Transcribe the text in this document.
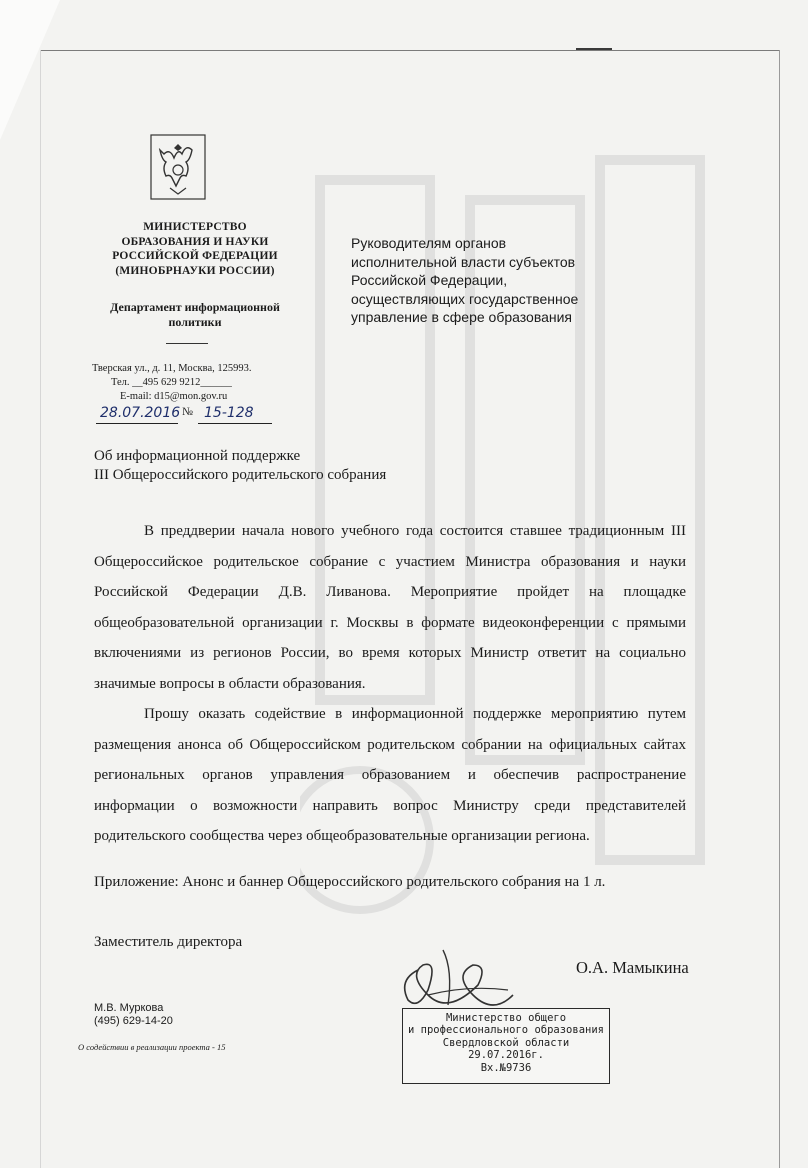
МИНИСТЕРСТВО
ОБРАЗОВАНИЯ И НАУКИ
РОССИЙСКОЙ ФЕДЕРАЦИИ
(МИНОБРНАУКИ РОССИИ)
Департамент информационной
политики
Тверская ул., д. 11, Москва, 125993.
Тел. __495 629 9212______
E-mail: d15@mon.gov.ru
28.07.2016 № 15-128
Руководителям органов
исполнительной власти субъектов
Российской Федерации,
осуществляющих государственное
управление в сфере образования
Об информационной поддержке
III Общероссийского родительского собрания

В преддверии начала нового учебного года состоится ставшее традиционным III Общероссийское родительское собрание с участием Министра образования и науки Российской Федерации Д.В. Ливанова. Мероприятие пройдет на площадке общеобразовательной организации г. Москвы в формате видеоконференции с прямыми включениями из регионов России, во время которых Министр ответит на социально значимые вопросы в области образования.

Прошу оказать содействие в информационной поддержке мероприятию путем размещения анонса об Общероссийском родительском собрании на официальных сайтах региональных органов управления образованием и обеспечив распространение информации о возможности направить вопрос Министру среди представителей родительского сообщества через общеобразовательные организации региона.

Приложение: Анонс и баннер Общероссийского родительского собрания на 1 л.
Заместитель директора
О.А. Мамыкина
М.В. Муркова
(495) 629-14-20
О содействии в реализации проекта - 15
Министерство общего
и профессионального образования
Свердловской области
29.07.2016г.
Вх.№9736
